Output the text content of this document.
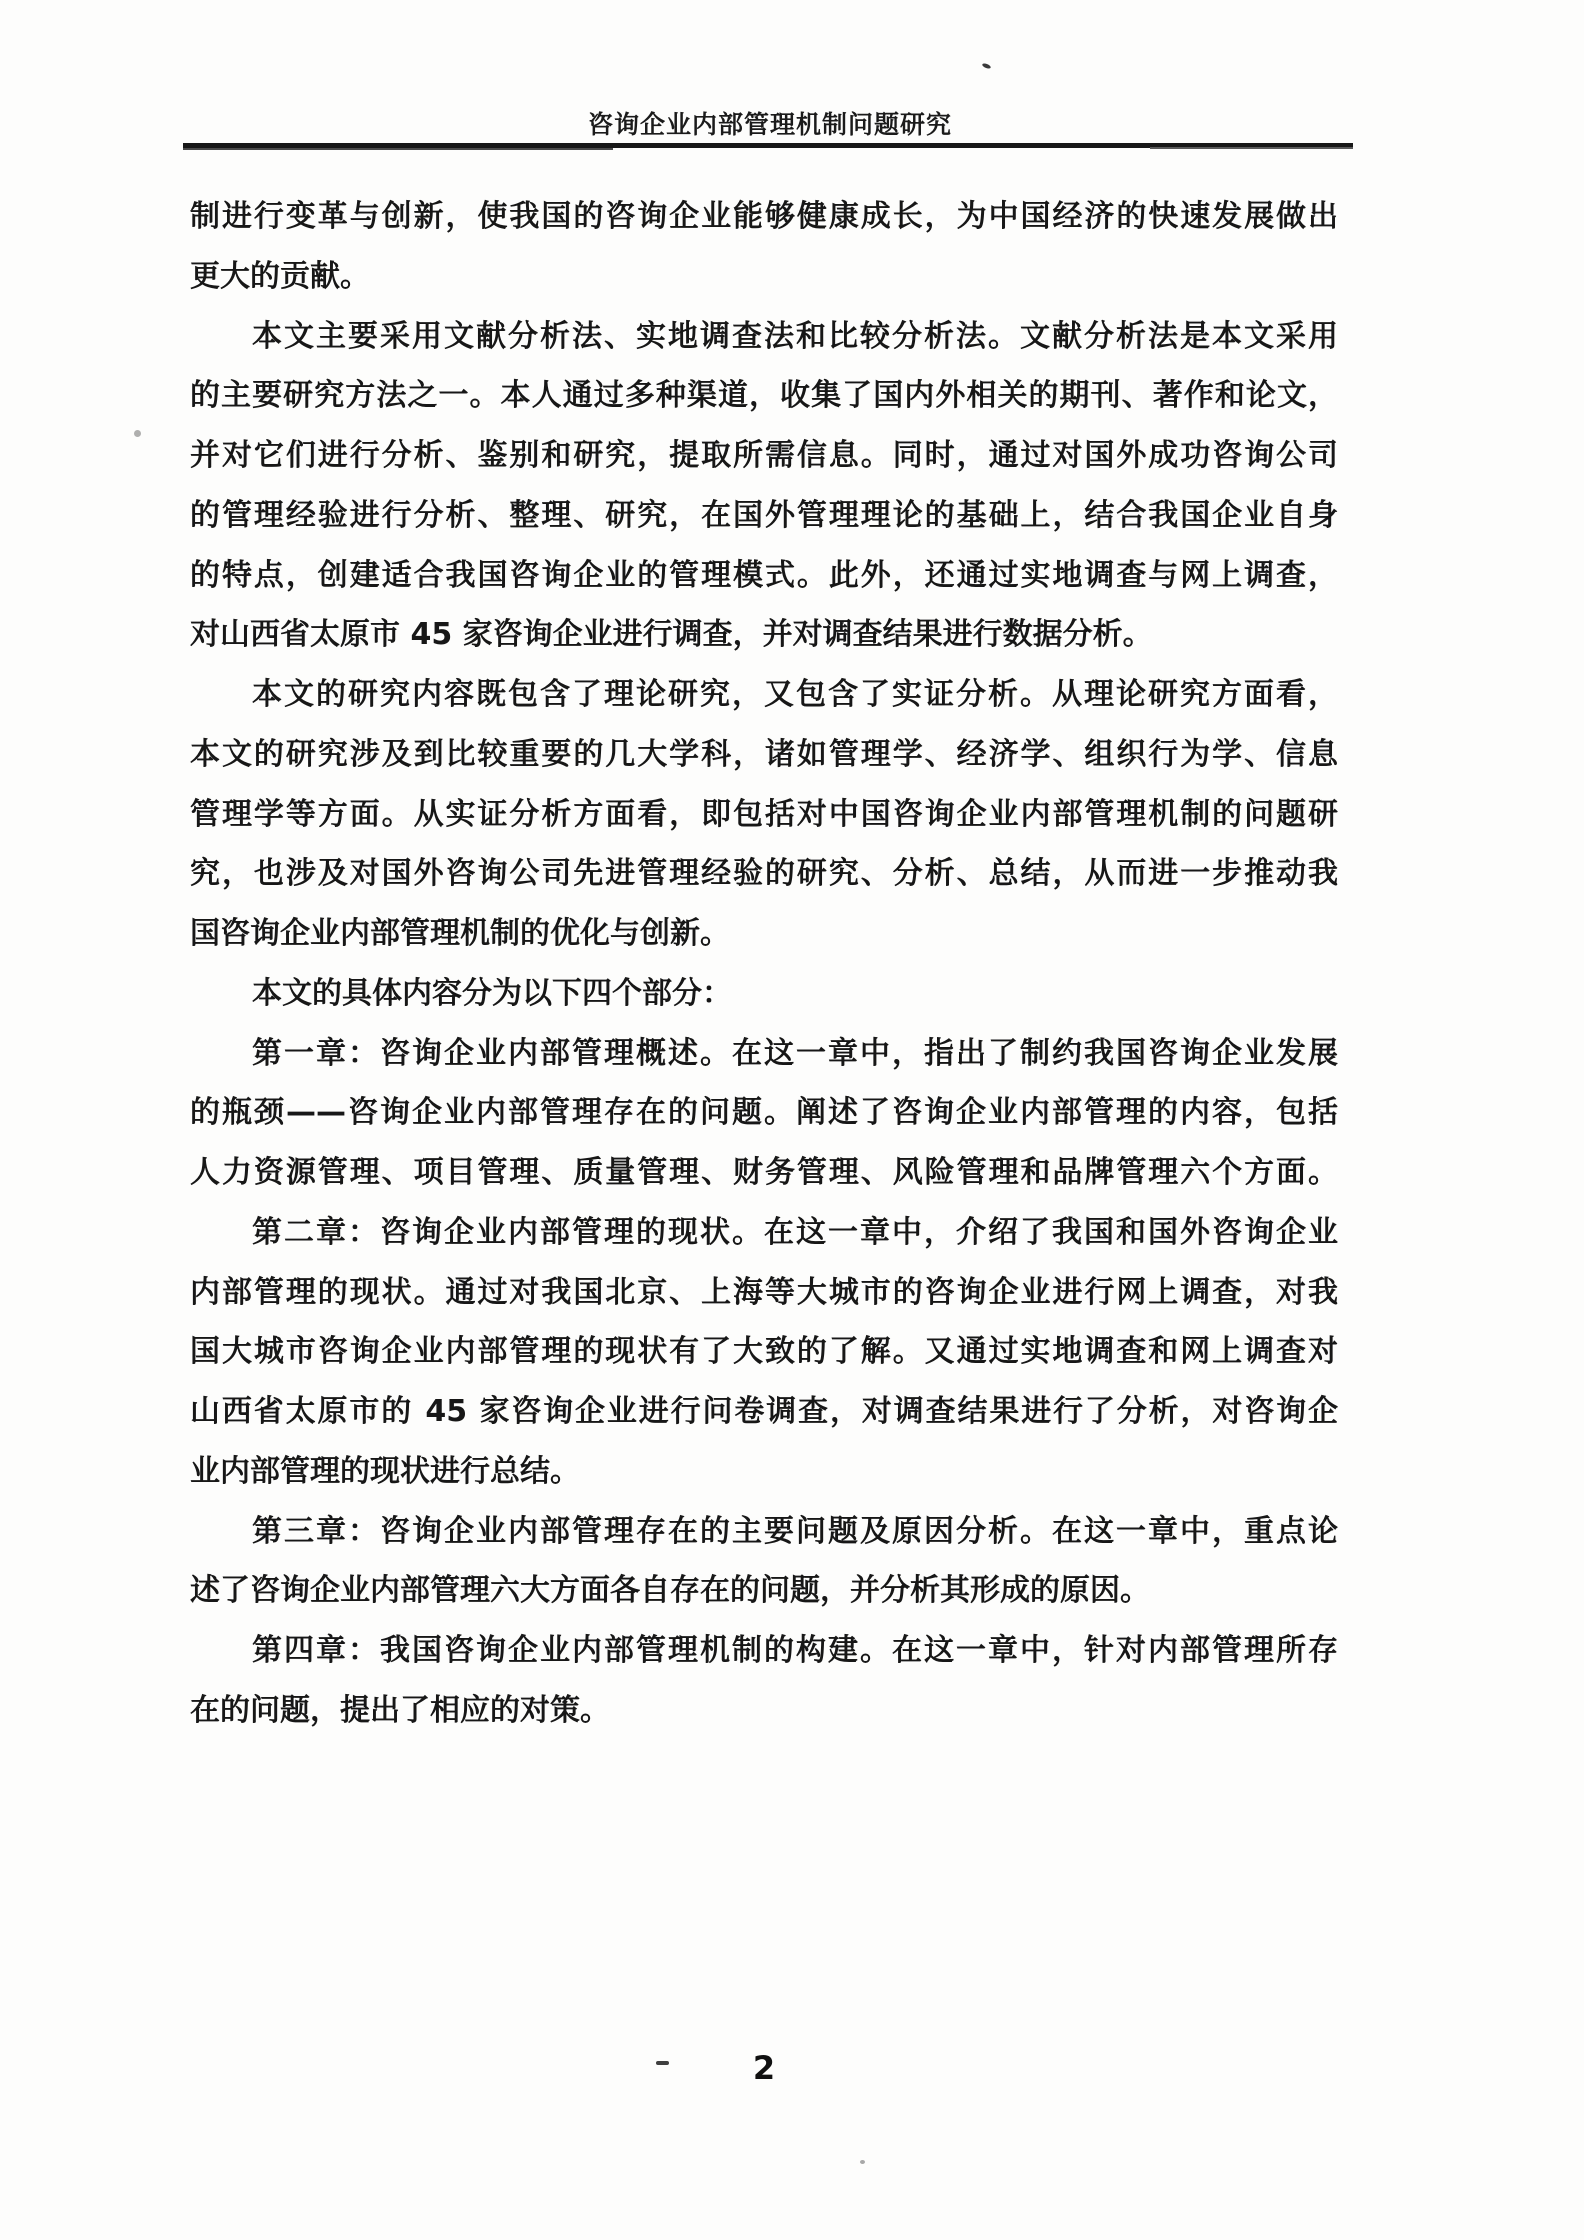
咨询企业内部管理机制问题研究
制进行变革与创新，使我国的咨询企业能够健康成长，为中国经济的快速发展做出
更大的贡献。
本文主要采用文献分析法、实地调查法和比较分析法。文献分析法是本文采用
的主要研究方法之一。本人通过多种渠道，收集了国内外相关的期刊、著作和论文，
并对它们进行分析、鉴别和研究，提取所需信息。同时，通过对国外成功咨询公司
的管理经验进行分析、整理、研究，在国外管理理论的基础上，结合我国企业自身
的特点，创建适合我国咨询企业的管理模式。此外，还通过实地调查与网上调查，
对山西省太原市 45 家咨询企业进行调查，并对调查结果进行数据分析。
本文的研究内容既包含了理论研究，又包含了实证分析。从理论研究方面看，
本文的研究涉及到比较重要的几大学科，诸如管理学、经济学、组织行为学、信息
管理学等方面。从实证分析方面看，即包括对中国咨询企业内部管理机制的问题研
究，也涉及对国外咨询公司先进管理经验的研究、分析、总结，从而进一步推动我
国咨询企业内部管理机制的优化与创新。
本文的具体内容分为以下四个部分：
第一章：咨询企业内部管理概述。在这一章中，指出了制约我国咨询企业发展
的瓶颈——咨询企业内部管理存在的问题。阐述了咨询企业内部管理的内容，包括
人力资源管理、项目管理、质量管理、财务管理、风险管理和品牌管理六个方面。
第二章：咨询企业内部管理的现状。在这一章中，介绍了我国和国外咨询企业
内部管理的现状。通过对我国北京、上海等大城市的咨询企业进行网上调查，对我
国大城市咨询企业内部管理的现状有了大致的了解。又通过实地调查和网上调查对
山西省太原市的 45 家咨询企业进行问卷调查，对调查结果进行了分析，对咨询企
业内部管理的现状进行总结。
第三章：咨询企业内部管理存在的主要问题及原因分析。在这一章中，重点论
述了咨询企业内部管理六大方面各自存在的问题，并分析其形成的原因。
第四章：我国咨询企业内部管理机制的构建。在这一章中，针对内部管理所存
在的问题，提出了相应的对策。
2
